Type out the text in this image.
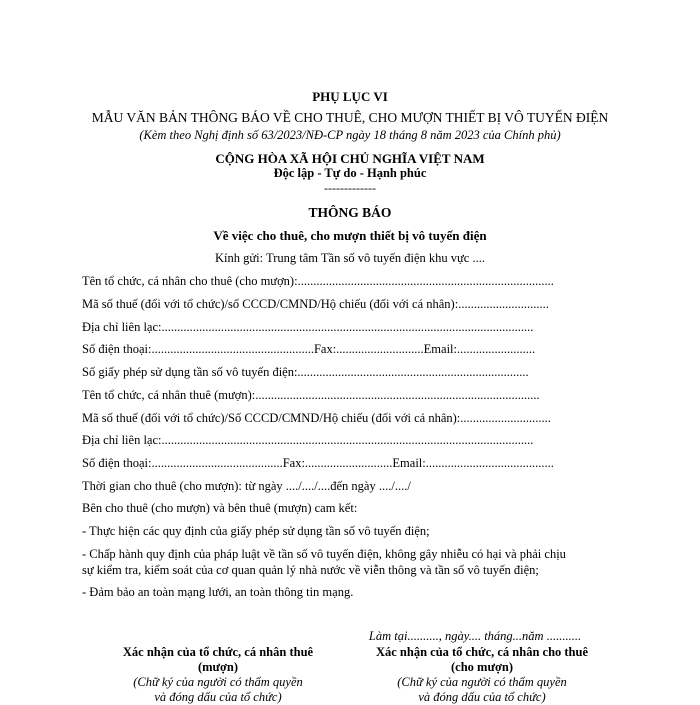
PHỤ LỤC VI
MẪU VĂN BẢN THÔNG BÁO VỀ CHO THUÊ, CHO MƯỢN THIẾT BỊ VÔ TUYẾN ĐIỆN
(Kèm theo Nghị định số 63/2023/NĐ-CP ngày 18 tháng 8 năm 2023 của Chính phủ)
CỘNG HÒA XÃ HỘI CHỦ NGHĨA VIỆT NAM
Độc lập - Tự do - Hạnh phúc
-------------
THÔNG BÁO
Về việc cho thuê, cho mượn thiết bị vô tuyến điện
Kính gửi: Trung tâm Tần số vô tuyến điện khu vực ....
Tên tổ chức, cá nhân cho thuê (cho mượn):..................................................................................
Mã số thuế (đối với tổ chức)/số CCCD/CMND/Hộ chiếu (đối với cá nhân):.............................
Địa chỉ liên lạc:.......................................................................................................................
Số điện thoại:....................................................Fax:............................Email:.........................
Số giấy phép sử dụng tần số vô tuyến điện:..........................................................................
Tên tổ chức, cá nhân thuê (mượn):...........................................................................................
Mã số thuế (đối với tổ chức)/Số CCCD/CMND/Hộ chiếu (đối với cá nhân):.............................
Địa chỉ liên lạc:.......................................................................................................................
Số điện thoại:..........................................Fax:............................Email:.........................................
Thời gian cho thuê (cho mượn): từ ngày ..../..../....đến ngày ..../..../
Bên cho thuê (cho mượn) và bên thuê (mượn) cam kết:
- Thực hiện các quy định của giấy phép sử dụng tần số vô tuyến điện;
- Chấp hành quy định của pháp luật về tần số vô tuyến điện, không gây nhiễu có hại và phải chịu
sự kiểm tra, kiểm soát của cơ quan quản lý nhà nước về viễn thông và tần số vô tuyến điện;
- Đảm bảo an toàn mạng lưới, an toàn thông tin mạng.
Làm tại.........., ngày.... tháng...năm ...........
Xác nhận của tổ chức, cá nhân thuê
(mượn)
(Chữ ký của người có thẩm quyền
và đóng dấu của tổ chức)
Xác nhận của tổ chức, cá nhân cho thuê
(cho mượn)
(Chữ ký của người có thẩm quyền
và đóng dấu của tổ chức)
